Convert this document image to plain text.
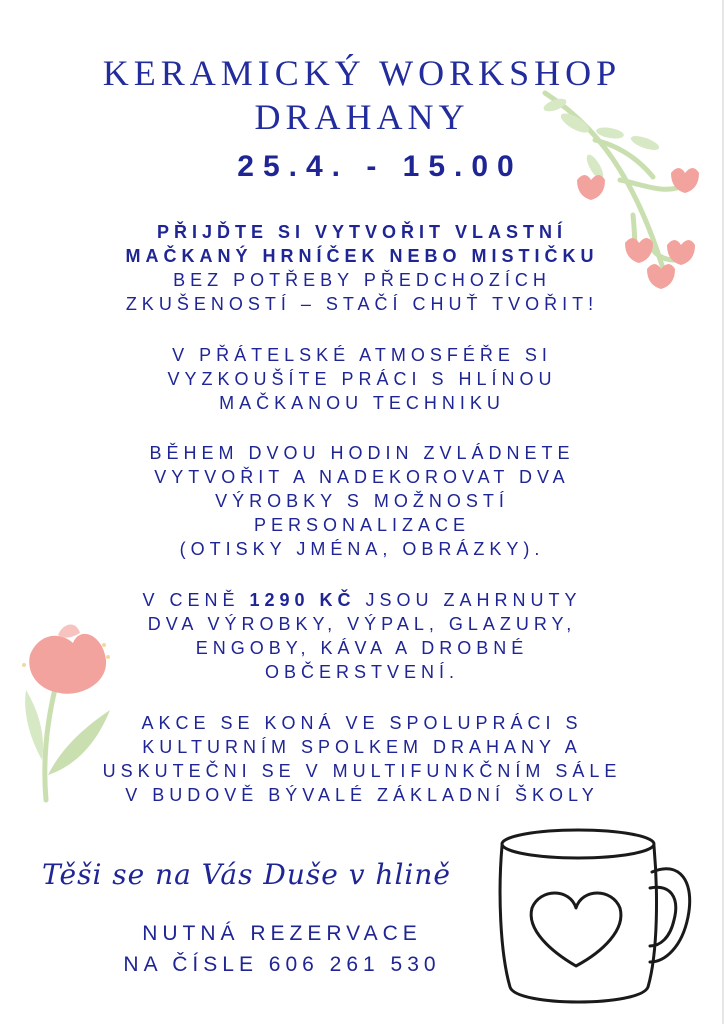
KERAMICKÝ WORKSHOP
DRAHANY
25.4. - 15.00
PŘIJĎTE SI VYTVOŘIT VLASTNÍ
MAČKANÝ HRNÍČEK NEBO MISTIČKU
BEZ POTŘEBY PŘEDCHOZÍCH
ZKUŠENOSTÍ – STAČÍ CHUŤ TVOŘIT!
V PŘÁTELSKÉ ATMOSFÉŘE SI
VYZKOUŠÍTE PRÁCI S HLÍNOU
MAČKANOU TECHNIKU
BĚHEM DVOU HODIN ZVLÁDNETE
VYTVOŘIT A NADEKOROVAT DVA
VÝROBKY S MOŽNOSTÍ
PERSONALIZACE
(OTISKY JMÉNA, OBRÁZKY).
V CENĚ 1290 KČ JSOU ZAHRNUTY
DVA VÝROBKY, VÝPAL, GLAZURY,
ENGOBY, KÁVA A DROBNÉ
OBČERSTVENÍ.
AKCE SE KONÁ VE SPOLUPRÁCI S
KULTURNÍM SPOLKEM DRAHANY A
USKUTEČNI SE V MULTIFUNKČNÍM SÁLE
V BUDOVĚ BÝVALÉ ZÁKLADNÍ ŠKOLY
Těši se na Vás Duše v hlině
NUTNÁ REZERVACE
NA ČÍSLE 606 261 530
